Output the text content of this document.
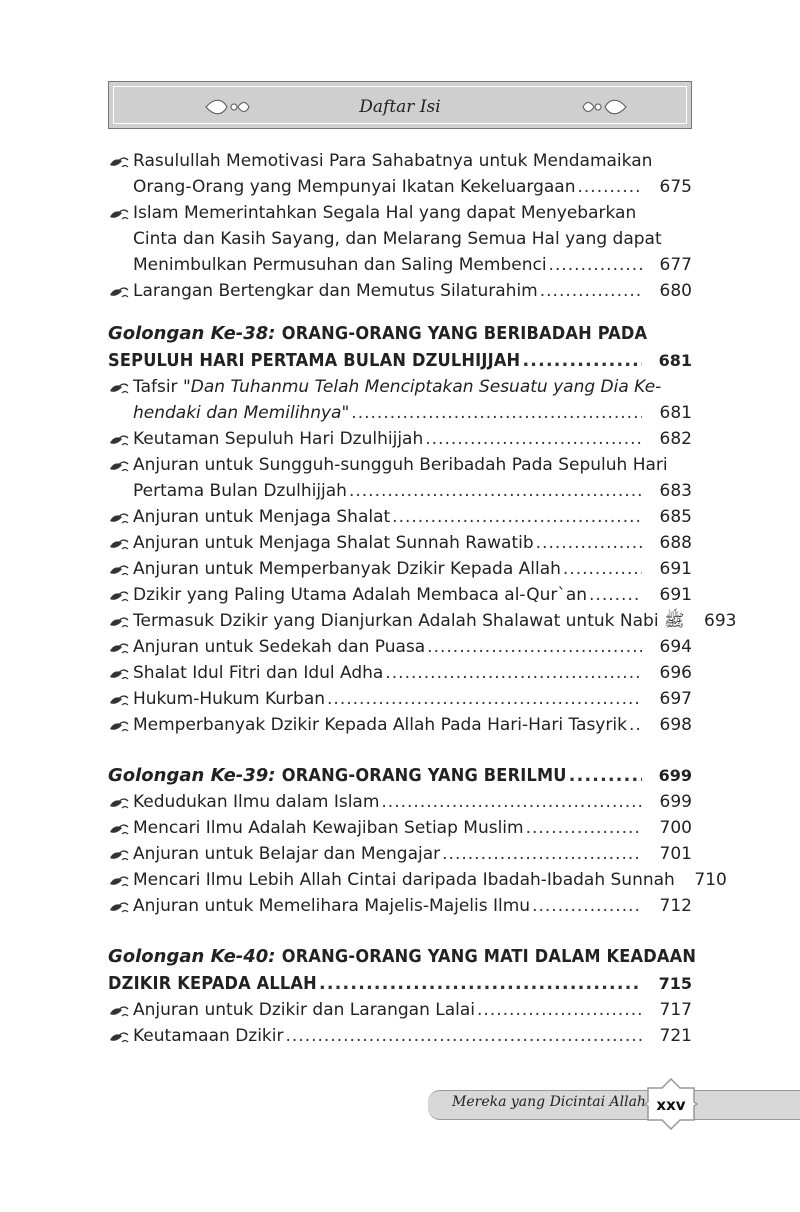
Daftar Isi
Rasulullah Memotivasi Para Sahabatnya untuk Mendamaikan
Orang-Orang yang Mempunyai Ikatan Kekeluargaan .....	675
Islam Memerintahkan Segala Hal yang dapat Menyebarkan
Cinta dan Kasih Sayang, dan Melarang Semua Hal yang dapat
Menimbulkan Permusuhan dan Saling Membenci .....	677
Larangan Bertengkar dan Memutus Silaturahim .....	680
Golongan Ke-38: ORANG-ORANG YANG BERIBADAH PADA
SEPULUH HARI PERTAMA BULAN DZULHIJJAH .....	681
Tafsir "Dan Tuhanmu Telah Menciptakan Sesuatu yang Dia Ke-
hendaki dan Memilihnya" .....	681
Keutaman Sepuluh Hari Dzulhijjah .....	682
Anjuran untuk Sungguh-sungguh Beribadah Pada Sepuluh Hari
Pertama Bulan Dzulhijjah .....	683
Anjuran untuk Menjaga Shalat .....	685
Anjuran untuk Menjaga Shalat Sunnah Rawatib .....	688
Anjuran untuk Memperbanyak Dzikir Kepada Allah .....	691
Dzikir yang Paling Utama Adalah Membaca al-Qur`an .....	691
Termasuk Dzikir yang Dianjurkan Adalah Shalawat untuk Nabi ﷺ	693
Anjuran untuk Sedekah dan Puasa .....	694
Shalat Idul Fitri dan Idul Adha .....	696
Hukum-Hukum Kurban .....	697
Memperbanyak Dzikir Kepada Allah Pada Hari-Hari Tasyrik .....	698
Golongan Ke-39: ORANG-ORANG YANG BERILMU .....	699
Kedudukan Ilmu dalam Islam .....	699
Mencari Ilmu Adalah Kewajiban Setiap Muslim .....	700
Anjuran untuk Belajar dan Mengajar .....	701
Mencari Ilmu Lebih Allah Cintai daripada Ibadah-Ibadah Sunnah	710
Anjuran untuk Memelihara Majelis-Majelis Ilmu .....	712
Golongan Ke-40: ORANG-ORANG YANG MATI DALAM KEADAAN
DZIKIR KEPADA ALLAH .....	715
Anjuran untuk Dzikir dan Larangan Lalai .....	717
Keutamaan Dzikir .....	721
Mereka yang Dicintai Allah xxv
